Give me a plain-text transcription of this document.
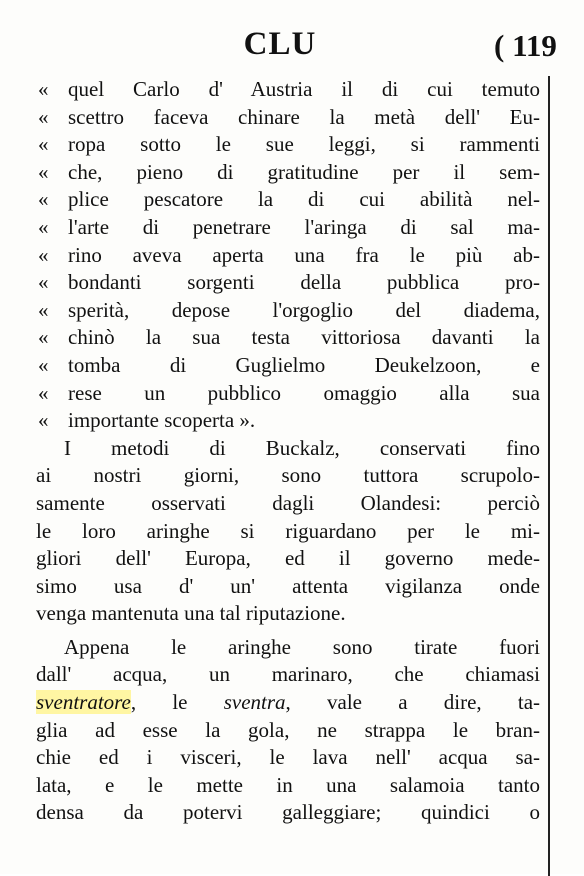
CLU	( 119
« quel Carlo d' Austria il di cui temuto
« scettro faceva chinare la metà dell' Eu-
« ropa sotto le sue leggi, si rammenti
« che, pieno di gratitudine per il sem-
« plice pescatore la di cui abilità nel-
« l'arte di penetrare l'aringa di sal ma-
« rino aveva aperta una fra le più ab-
« bondanti sorgenti della pubblica pro-
« sperità, depose l'orgoglio del diadema,
« chinò la sua testa vittoriosa davanti la
« tomba di Guglielmo Deukelzoon, e
« rese un pubblico omaggio alla sua
« importante scoperta ».
I metodi di Buckalz, conservati fino
ai nostri giorni, sono tuttora scrupolo-
samente osservati dagli Olandesi: perciò
le loro aringhe si riguardano per le mi-
gliori dell' Europa, ed il governo mede-
simo usa d' un' attenta vigilanza onde
venga mantenuta una tal riputazione.
Appena le aringhe sono tirate fuori
dall' acqua, un marinaro, che chiamasi
sventratore, le sventra, vale a dire, ta-
glia ad esse la gola, ne strappa le bran-
chie ed i visceri, le lava nell' acqua sa-
lata, e le mette in una salamoia tanto
densa da potervi galleggiare; quindici o
